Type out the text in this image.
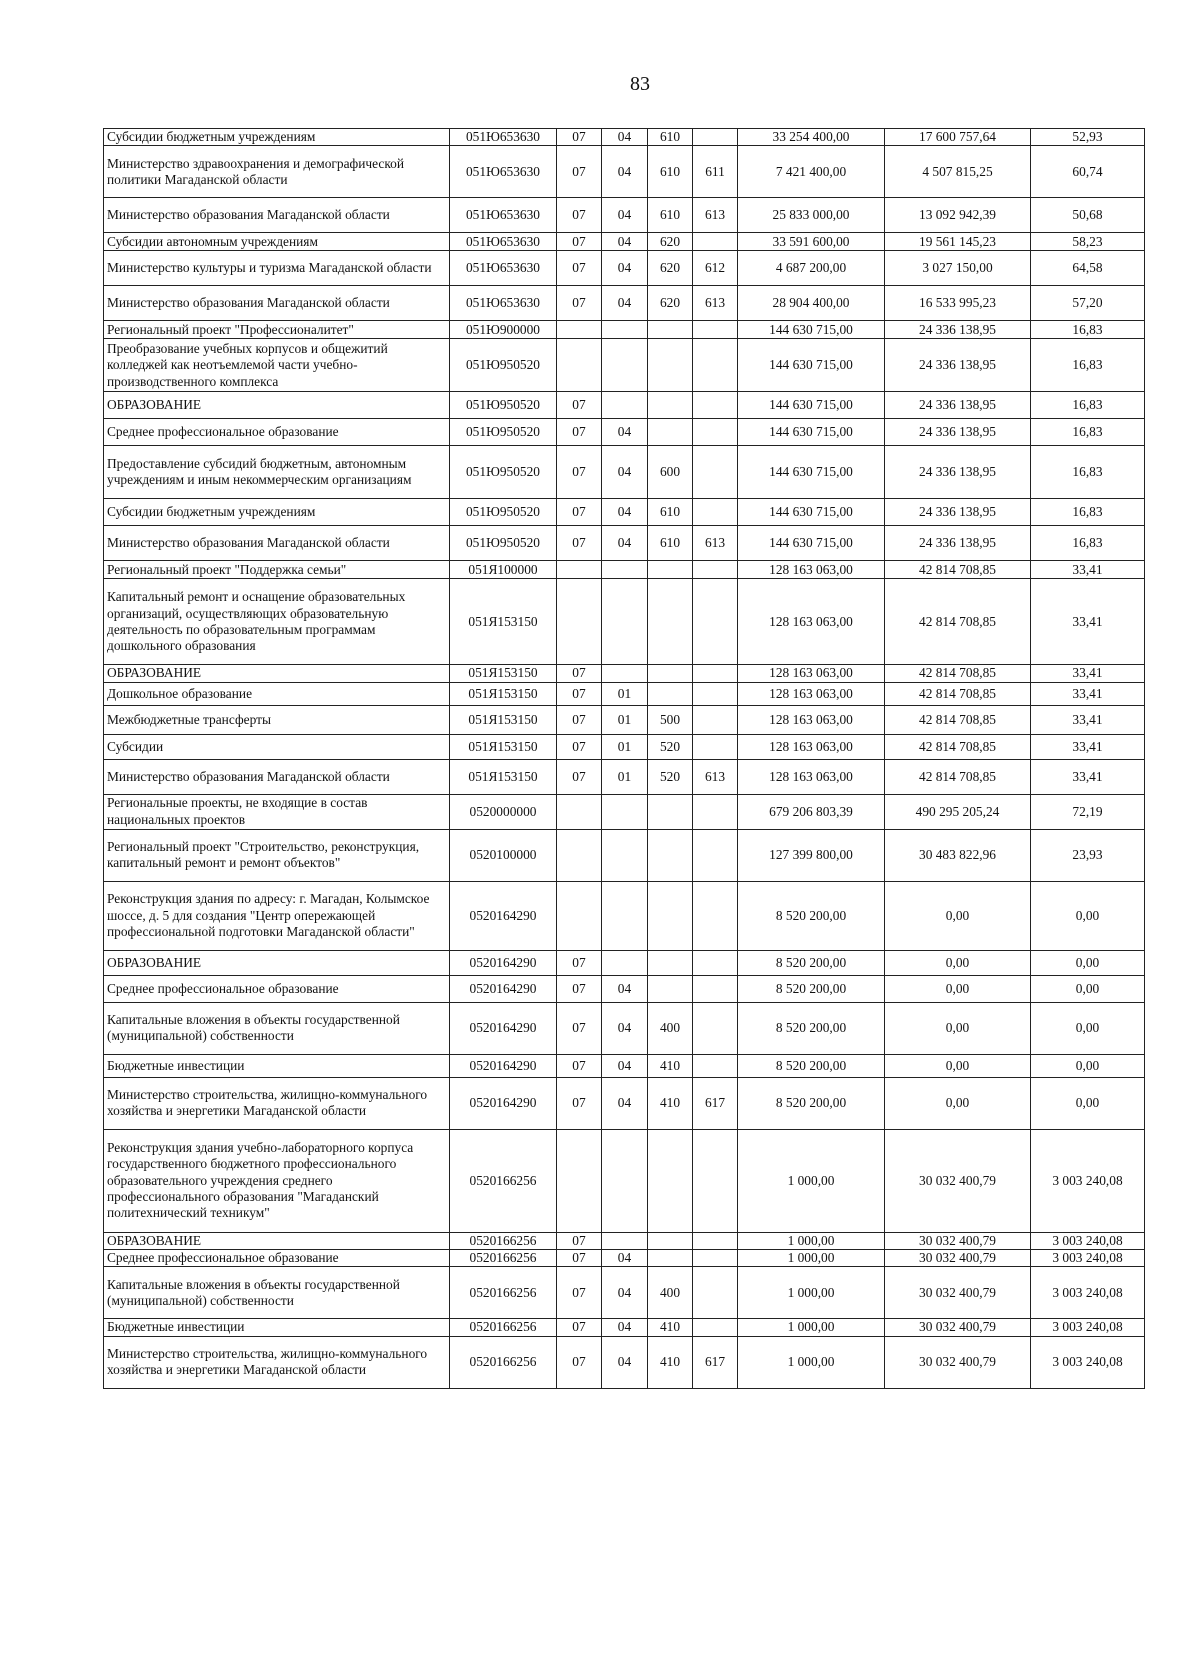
83
Субсидии бюджетным учреждениям	051Ю653630	07	04	610		33 254 400,00	17 600 757,64	52,93
Министерство здравоохранения и демографической политики Магаданской области	051Ю653630	07	04	610	611	7 421 400,00	4 507 815,25	60,74
Министерство образования Магаданской области	051Ю653630	07	04	610	613	25 833 000,00	13 092 942,39	50,68
Субсидии автономным учреждениям	051Ю653630	07	04	620		33 591 600,00	19 561 145,23	58,23
Министерство культуры и туризма Магаданской области	051Ю653630	07	04	620	612	4 687 200,00	3 027 150,00	64,58
Министерство образования Магаданской области	051Ю653630	07	04	620	613	28 904 400,00	16 533 995,23	57,20
Региональный проект "Профессионалитет"	051Ю900000					144 630 715,00	24 336 138,95	16,83
Преобразование учебных корпусов и общежитий колледжей как неотъемлемой части учебно-производственного комплекса	051Ю950520					144 630 715,00	24 336 138,95	16,83
ОБРАЗОВАНИЕ	051Ю950520	07				144 630 715,00	24 336 138,95	16,83
Среднее профессиональное образование	051Ю950520	07	04			144 630 715,00	24 336 138,95	16,83
Предоставление субсидий бюджетным, автономным учреждениям и иным некоммерческим организациям	051Ю950520	07	04	600		144 630 715,00	24 336 138,95	16,83
Субсидии бюджетным учреждениям	051Ю950520	07	04	610		144 630 715,00	24 336 138,95	16,83
Министерство образования Магаданской области	051Ю950520	07	04	610	613	144 630 715,00	24 336 138,95	16,83
Региональный проект "Поддержка семьи"	051Я100000					128 163 063,00	42 814 708,85	33,41
Капитальный ремонт и оснащение образовательных организаций, осуществляющих образовательную деятельность по образовательным программам дошкольного образования	051Я153150					128 163 063,00	42 814 708,85	33,41
ОБРАЗОВАНИЕ	051Я153150	07				128 163 063,00	42 814 708,85	33,41
Дошкольное образование	051Я153150	07	01			128 163 063,00	42 814 708,85	33,41
Межбюджетные трансферты	051Я153150	07	01	500		128 163 063,00	42 814 708,85	33,41
Субсидии	051Я153150	07	01	520		128 163 063,00	42 814 708,85	33,41
Министерство образования Магаданской области	051Я153150	07	01	520	613	128 163 063,00	42 814 708,85	33,41
Региональные проекты, не входящие в состав национальных проектов	0520000000					679 206 803,39	490 295 205,24	72,19
Региональный проект "Строительство, реконструкция, капитальный ремонт и ремонт объектов"	0520100000					127 399 800,00	30 483 822,96	23,93
Реконструкция здания по адресу: г. Магадан, Колымское шоссе, д. 5 для создания "Центр опережающей профессиональной подготовки Магаданской области"	0520164290					8 520 200,00	0,00	0,00
ОБРАЗОВАНИЕ	0520164290	07				8 520 200,00	0,00	0,00
Среднее профессиональное образование	0520164290	07	04			8 520 200,00	0,00	0,00
Капитальные вложения в объекты государственной (муниципальной) собственности	0520164290	07	04	400		8 520 200,00	0,00	0,00
Бюджетные инвестиции	0520164290	07	04	410		8 520 200,00	0,00	0,00
Министерство строительства, жилищно-коммунального хозяйства и энергетики Магаданской области	0520164290	07	04	410	617	8 520 200,00	0,00	0,00
Реконструкция здания учебно-лабораторного корпуса государственного бюджетного профессионального образовательного учреждения среднего профессионального образования "Магаданский политехнический техникум"	0520166256					1 000,00	30 032 400,79	3 003 240,08
ОБРАЗОВАНИЕ	0520166256	07				1 000,00	30 032 400,79	3 003 240,08
Среднее профессиональное образование	0520166256	07	04			1 000,00	30 032 400,79	3 003 240,08
Капитальные вложения в объекты государственной (муниципальной) собственности	0520166256	07	04	400		1 000,00	30 032 400,79	3 003 240,08
Бюджетные инвестиции	0520166256	07	04	410		1 000,00	30 032 400,79	3 003 240,08
Министерство строительства, жилищно-коммунального хозяйства и энергетики Магаданской области	0520166256	07	04	410	617	1 000,00	30 032 400,79	3 003 240,08
